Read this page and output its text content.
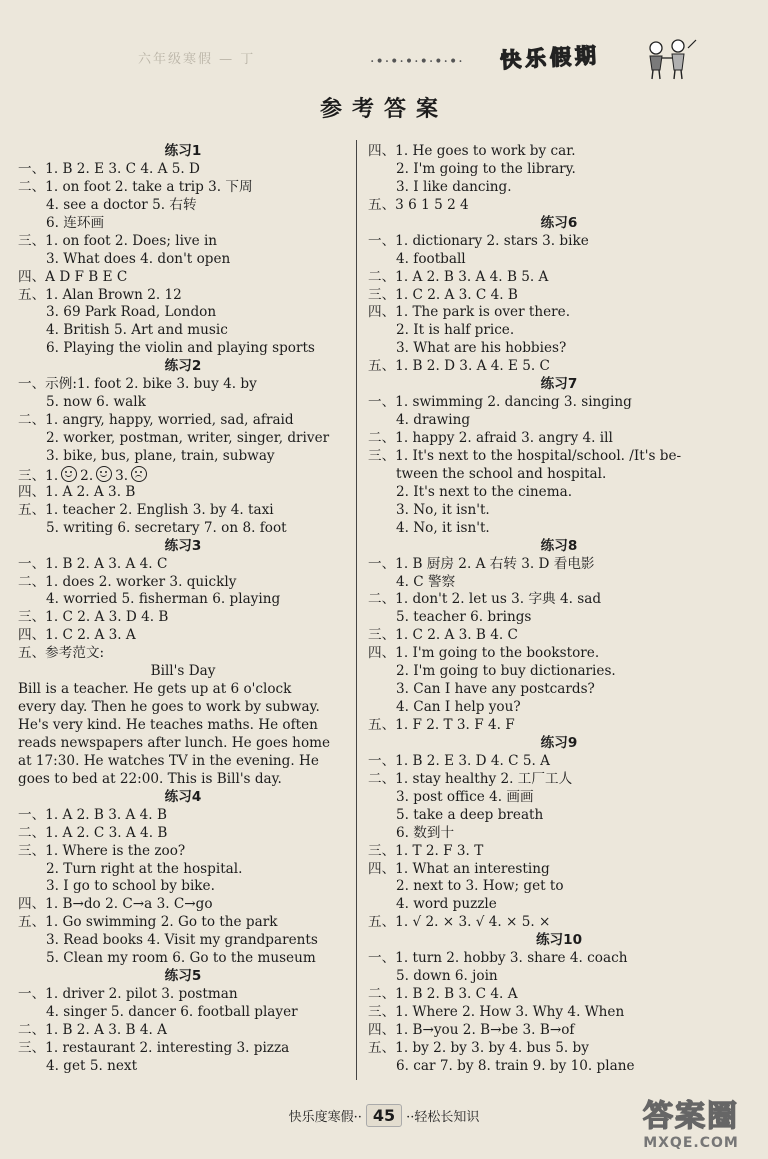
六年级寒假 — 丁	·•·•·•·•·•·•· 快乐假期
参考答案
练习1
一、1. B 2. E 3. C 4. A 5. D
二、1. on foot 2. take a trip 3. 下周
4. see a doctor 5. 右转
6. 连环画
三、1. on foot 2. Does; live in
3. What does 4. don't open
四、A D F B E C
五、1. Alan Brown 2. 12
3. 69 Park Road, London
4. British 5. Art and music
6. Playing the violin and playing sports
练习2
一、示例:1. foot 2. bike 3. buy 4. by
5. now 6. walk
二、1. angry, happy, worried, sad, afraid
2. worker, postman, writer, singer, driver
3. bike, bus, plane, train, subway
三、1. 2. 3.
四、1. A 2. A 3. B
五、1. teacher 2. English 3. by 4. taxi
5. writing 6. secretary 7. on 8. foot
练习3
一、1. B 2. A 3. A 4. C
二、1. does 2. worker 3. quickly
4. worried 5. fisherman 6. playing
三、1. C 2. A 3. D 4. B
四、1. C 2. A 3. A
五、参考范文:
Bill's Day
Bill is a teacher. He gets up at 6 o'clock
every day. Then he goes to work by subway.
He's very kind. He teaches maths. He often
reads newspapers after lunch. He goes home
at 17:30. He watches TV in the evening. He
goes to bed at 22:00. This is Bill's day.
练习4
一、1. A 2. B 3. A 4. B
二、1. A 2. C 3. A 4. B
三、1. Where is the zoo?
2. Turn right at the hospital.
3. I go to school by bike.
四、1. B→do 2. C→a 3. C→go
五、1. Go swimming 2. Go to the park
3. Read books 4. Visit my grandparents
5. Clean my room 6. Go to the museum
练习5
一、1. driver 2. pilot 3. postman
4. singer 5. dancer 6. football player
二、1. B 2. A 3. B 4. A
三、1. restaurant 2. interesting 3. pizza
4. get 5. next
四、1. He goes to work by car.
2. I'm going to the library.
3. I like dancing.
五、3 6 1 5 2 4
练习6
一、1. dictionary 2. stars 3. bike
4. football
二、1. A 2. B 3. A 4. B 5. A
三、1. C 2. A 3. C 4. B
四、1. The park is over there.
2. It is half price.
3. What are his hobbies?
五、1. B 2. D 3. A 4. E 5. C
练习7
一、1. swimming 2. dancing 3. singing
4. drawing
二、1. happy 2. afraid 3. angry 4. ill
三、1. It's next to the hospital/school. /It's be-
tween the school and hospital.
2. It's next to the cinema.
3. No, it isn't.
4. No, it isn't.
练习8
一、1. B 厨房 2. A 右转 3. D 看电影
4. C 警察
二、1. don't 2. let us 3. 字典 4. sad
5. teacher 6. brings
三、1. C 2. A 3. B 4. C
四、1. I'm going to the bookstore.
2. I'm going to buy dictionaries.
3. Can I have any postcards?
4. Can I help you?
五、1. F 2. T 3. F 4. F
练习9
一、1. B 2. E 3. D 4. C 5. A
二、1. stay healthy 2. 工厂工人
3. post office 4. 画画
5. take a deep breath
6. 数到十
三、1. T 2. F 3. T
四、1. What an interesting
2. next to 3. How; get to
4. word puzzle
五、1. √ 2. × 3. √ 4. × 5. ×
练习10
一、1. turn 2. hobby 3. share 4. coach
5. down 6. join
二、1. B 2. B 3. C 4. A
三、1. Where 2. How 3. Why 4. When
四、1. B→you 2. B→be 3. B→of
五、1. by 2. by 3. by 4. bus 5. by
6. car 7. by 8. train 9. by 10. plane
快乐度寒假·· 45 ··轻松长知识	答案圈
MXQE.COM
